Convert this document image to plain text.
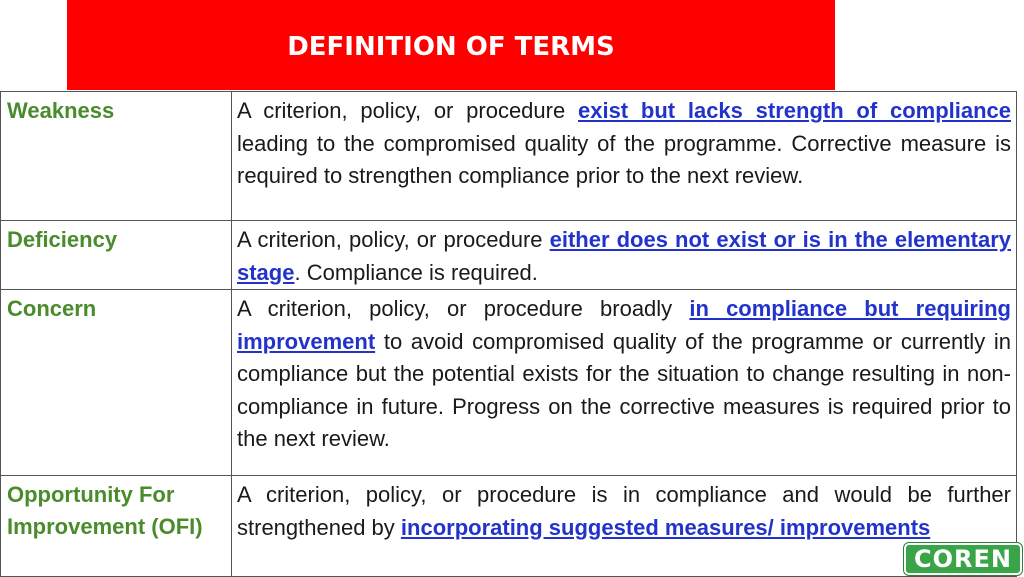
DEFINITION OF TERMS
Weakness	A criterion, policy, or procedure exist but lacks strength of compliance leading to the compromised quality of the programme. Corrective measure is required to strengthen compliance prior to the next review.
Deficiency	A criterion, policy, or procedure either does not exist or is in the elementary stage. Compliance is required.
Concern	A criterion, policy, or procedure broadly in compliance but requiring improvement to avoid compromised quality of the programme or currently in compliance but the potential exists for the situation to change resulting in non-compliance in future. Progress on the corrective measures is required prior to the next review.
Opportunity For Improvement (OFI)	A criterion, policy, or procedure is in compliance and would be further strengthened by incorporating suggested measures/ improvements
COREN
